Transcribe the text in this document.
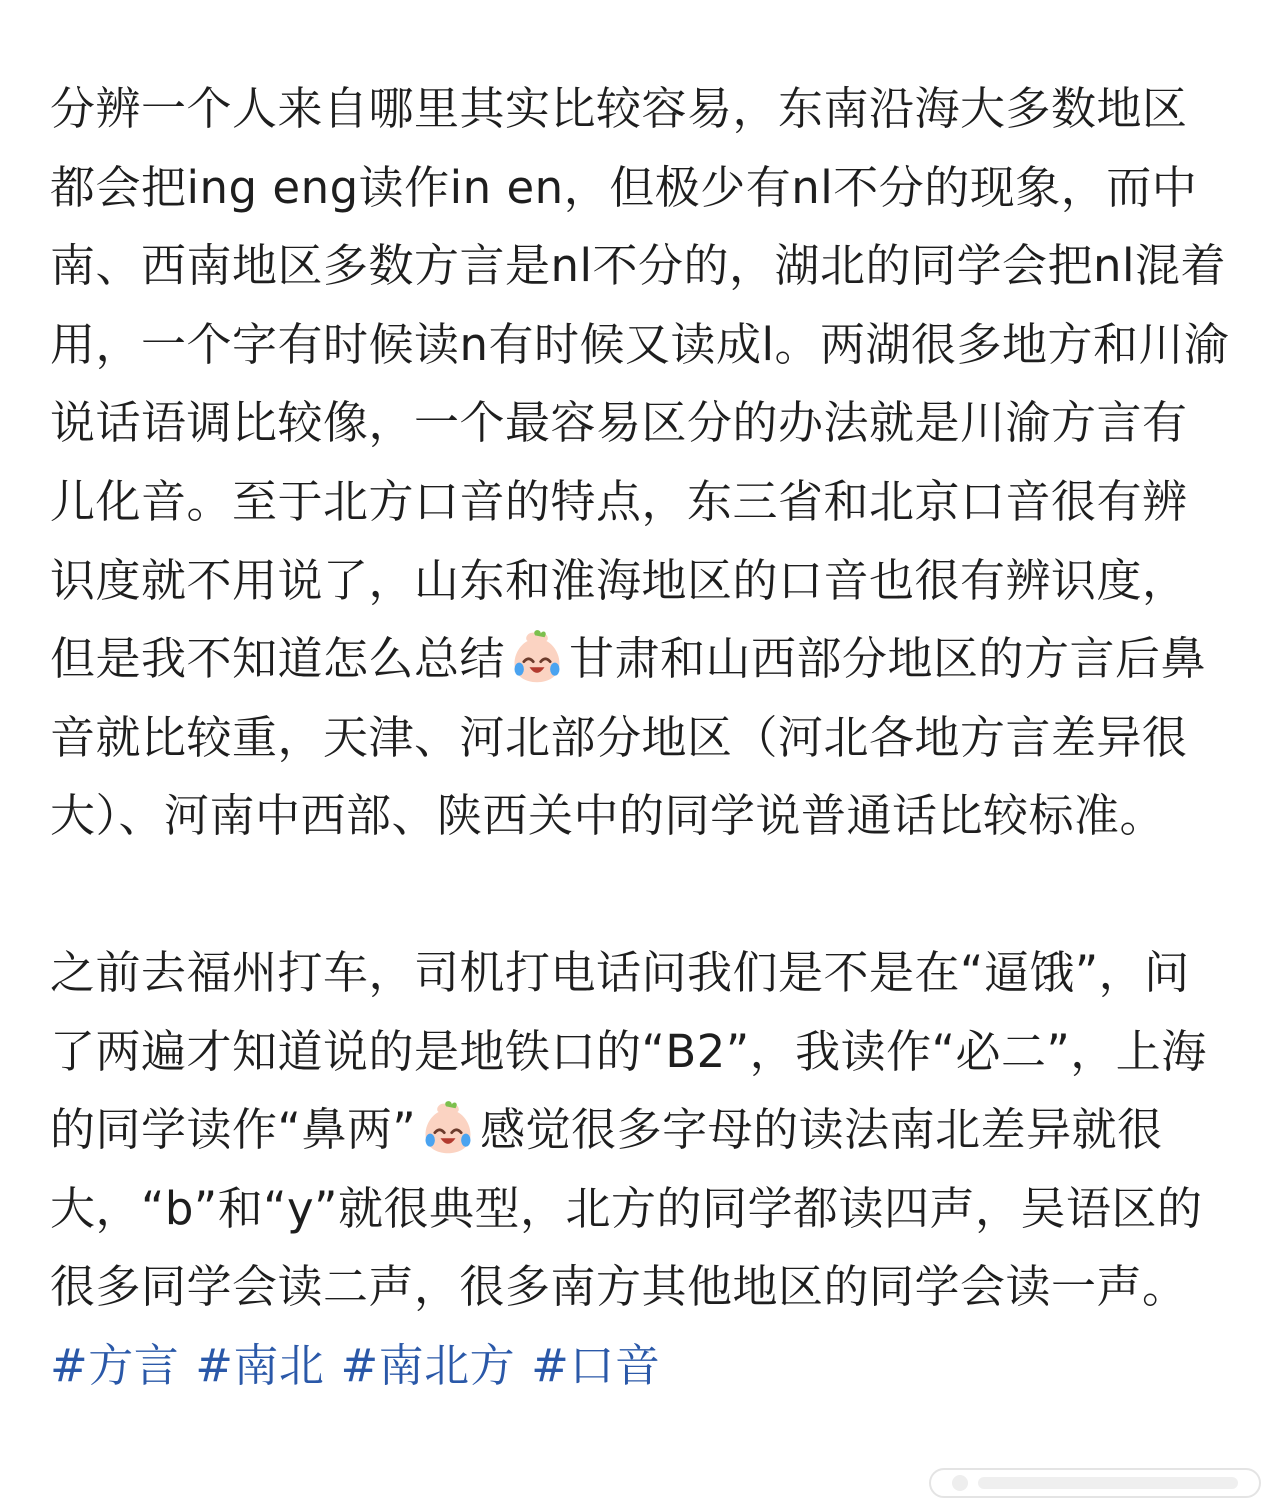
分辨一个人来自哪里其实比较容易，东南沿海大多数地区都会把ing eng读作in en，但极少有nl不分的现象，而中南、西南地区多数方言是nl不分的，湖北的同学会把nl混着用，一个字有时候读n有时候又读成l。两湖很多地方和川渝说话语调比较像，一个最容易区分的办法就是川渝方言有儿化音。至于北方口音的特点，东三省和北京口音很有辨识度就不用说了，山东和淮海地区的口音也很有辨识度，但是我不知道怎么总结 甘肃和山西部分地区的方言后鼻音就比较重，天津、河北部分地区（河北各地方言差异很大）、河南中西部、陕西关中的同学说普通话比较标准。

之前去福州打车，司机打电话问我们是不是在“逼饿”，问了两遍才知道说的是地铁口的“B2”，我读作“必二”，上海的同学读作“鼻两” 感觉很多字母的读法南北差异就很大，“b”和“y”就很典型，北方的同学都读四声，吴语区的很多同学会读二声，很多南方其他地区的同学会读一声。 #方言 #南北 #南北方 #口音
